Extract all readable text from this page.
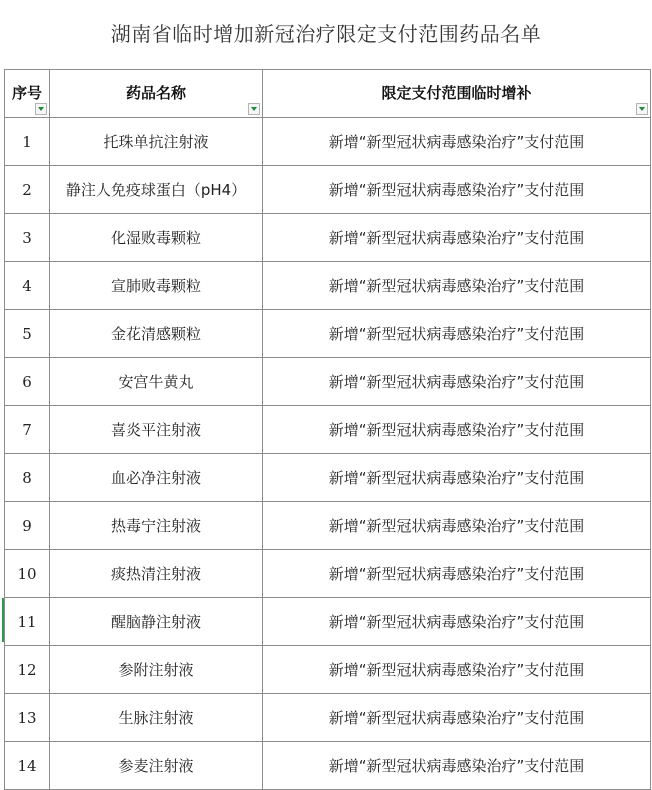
湖南省临时增加新冠治疗限定支付范围药品名单
序号	药品名称	限定支付范围临时增补

1	托珠单抗注射液	新增“新型冠状病毒感染治疗”支付范围
2	静注人免疫球蛋白（pH4）	新增“新型冠状病毒感染治疗”支付范围
3	化湿败毒颗粒	新增“新型冠状病毒感染治疗”支付范围
4	宣肺败毒颗粒	新增“新型冠状病毒感染治疗”支付范围
5	金花清感颗粒	新增“新型冠状病毒感染治疗”支付范围
6	安宫牛黄丸	新增“新型冠状病毒感染治疗”支付范围
7	喜炎平注射液	新增“新型冠状病毒感染治疗”支付范围
8	血必净注射液	新增“新型冠状病毒感染治疗”支付范围
9	热毒宁注射液	新增“新型冠状病毒感染治疗”支付范围
10	痰热清注射液	新增“新型冠状病毒感染治疗”支付范围
11	醒脑静注射液	新增“新型冠状病毒感染治疗”支付范围
12	参附注射液	新增“新型冠状病毒感染治疗”支付范围
13	生脉注射液	新增“新型冠状病毒感染治疗”支付范围
14	参麦注射液	新增“新型冠状病毒感染治疗”支付范围
